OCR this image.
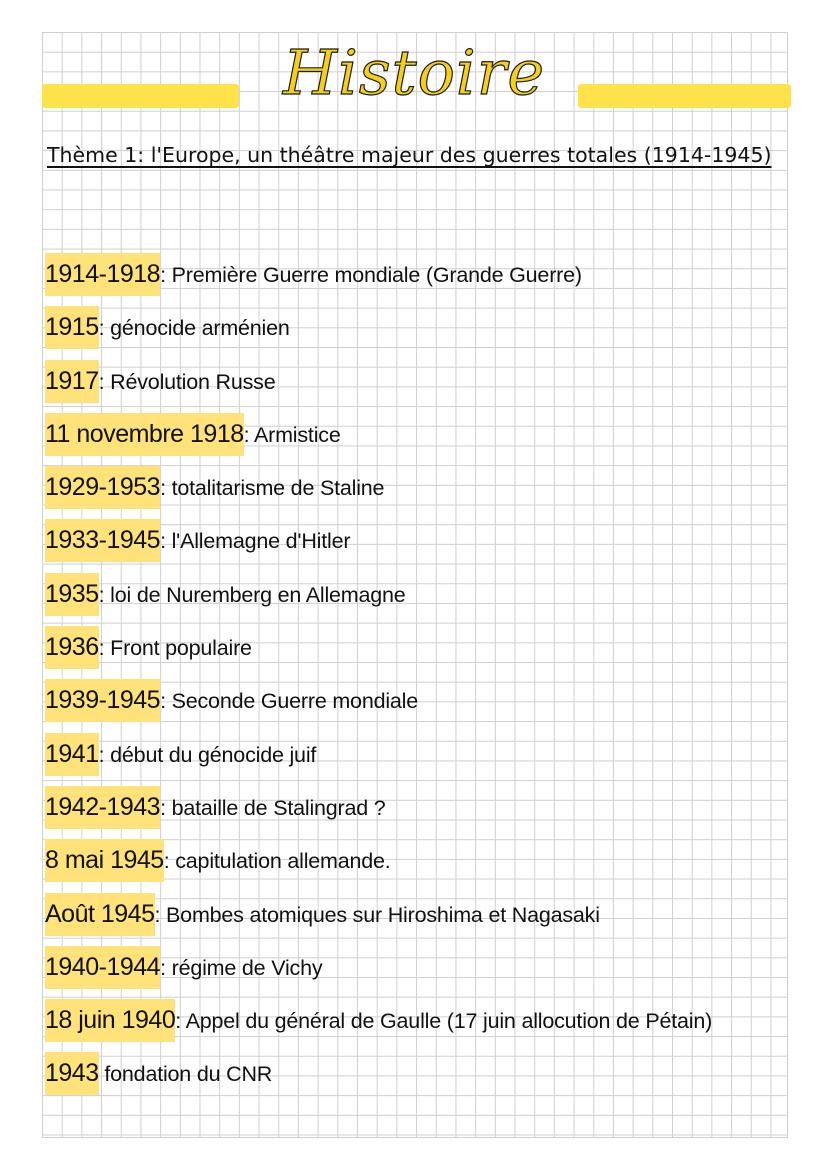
Histoire
Thème 1: l'Europe, un théâtre majeur des guerres totales (1914-1945)
1914-1918: Première Guerre mondiale (Grande Guerre)
1915: génocide arménien
1917: Révolution Russe
11 novembre 1918: Armistice
1929-1953: totalitarisme de Staline
1933-1945: l'Allemagne d'Hitler
1935: loi de Nuremberg en Allemagne
1936: Front populaire
1939-1945: Seconde Guerre mondiale
1941: début du génocide juif
1942-1943: bataille de Stalingrad ?
8 mai 1945: capitulation allemande.
Août 1945: Bombes atomiques sur Hiroshima et Nagasaki
1940-1944: régime de Vichy
18 juin 1940: Appel du général de Gaulle (17 juin allocution de Pétain)
1943 fondation du CNR
